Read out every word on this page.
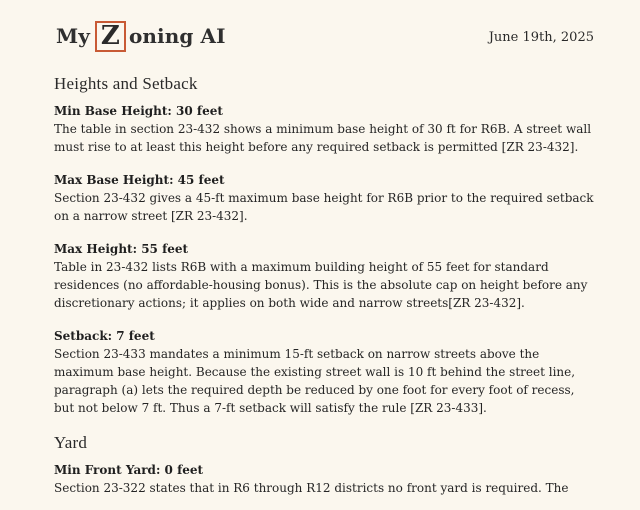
My Z oning AI	June 19th, 2025
Heights and Setback
Min Base Height: 30 feet
The table in section 23-432 shows a minimum base height of 30 ft for R6B. A street wall must rise to at least this height before any required setback is permitted [ZR 23-432].
Max Base Height: 45 feet
Section 23-432 gives a 45-ft maximum base height for R6B prior to the required setback on a narrow street [ZR 23-432].
Max Height: 55 feet
Table in 23-432 lists R6B with a maximum building height of 55 feet for standard residences (no affordable-housing bonus). This is the absolute cap on height before any discretionary actions; it applies on both wide and narrow streets[ZR 23-432].
Setback: 7 feet
Section 23-433 mandates a minimum 15-ft setback on narrow streets above the maximum base height. Because the existing street wall is 10 ft behind the street line, paragraph (a) lets the required depth be reduced by one foot for every foot of recess, but not below 7 ft. Thus a 7-ft setback will satisfy the rule [ZR 23-433].
Yard
Min Front Yard: 0 feet
Section 23-322 states that in R6 through R12 districts no front yard is required. The
